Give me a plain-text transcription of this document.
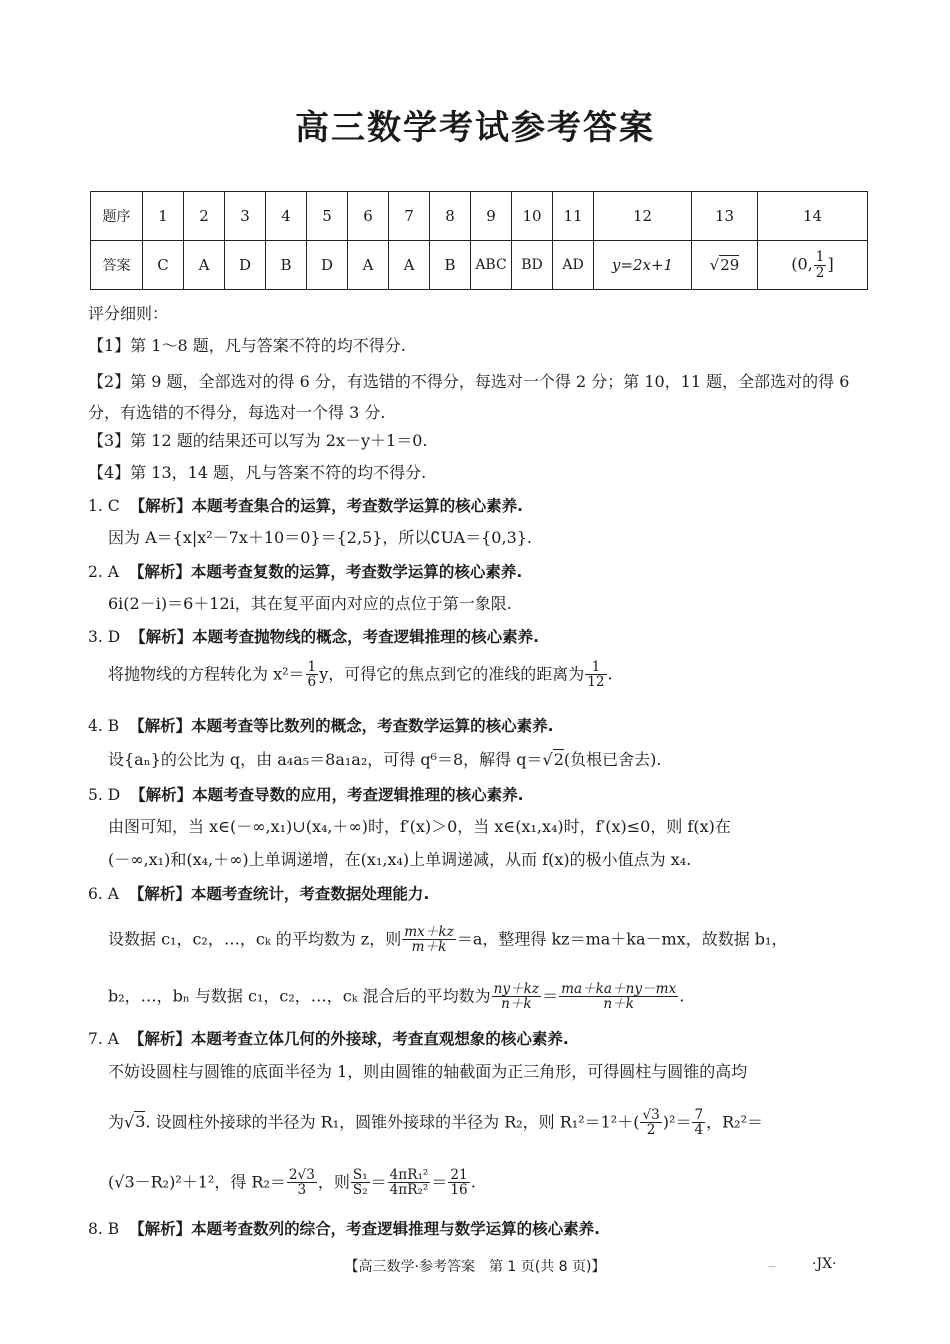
高三数学考试参考答案
题序	1	2	3	4	5	6	7	8	9	10	11	12	13	14
答案	C	A	D	B	D	A	A	B	ABC	BD	AD	y=2x+1	√29	(0, $\frac{1}{2}$ ]
评分细则：
【1】第 1～8 题，凡与答案不符的均不得分.
【2】第 9 题，全部选对的得 6 分，有选错的不得分，每选对一个得 2 分；第 10，11 题，全部选对的得 6 分，有选错的不得分，每选对一个得 3 分.
【3】第 12 题的结果还可以写为 2x－y＋1＝0.
【4】第 13，14 题，凡与答案不符的均不得分.
1. C 【解析】本题考查集合的运算，考查数学运算的核心素养.
因为 A＝{x|x²－7x＋10＝0}＝{2,5}，所以∁UA＝{0,3}.
2. A 【解析】本题考查复数的运算，考查数学运算的核心素养.
6i(2－i)＝6＋12i，其在复平面内对应的点位于第一象限.
3. D 【解析】本题考查抛物线的概念，考查逻辑推理的核心素养.
将抛物线的方程转化为 $x^2= \frac{1}{6}$ y，可得它的焦点到它的准线的距离为 $\frac{1}{12}$ .
4. B 【解析】本题考查等比数列的概念，考查数学运算的核心素养.
设{aₙ}的公比为 q，由 a₄a₅＝8a₁a₂，可得 q⁶＝8，解得 q＝√2(负根已舍去).
5. D 【解析】本题考查导数的应用，考查逻辑推理的核心素养.
由图可知，当 x∈(－∞,x₁)∪(x₄,＋∞)时，f′(x)＞0，当 x∈(x₁,x₄)时，f′(x)≤0，则 f(x)在
(－∞,x₁)和(x₄,＋∞)上单调递增，在(x₁,x₄)上单调递减，从而 f(x)的极小值点为 x₄.
6. A 【解析】本题考查统计，考查数据处理能力.
设数据 c₁，c₂，…，cₖ 的平均数为 z，则 $\frac{mx+kz}{m+k} =a$，整理得 kz＝ma＋ka－mx，故数据 b₁，
b₂，…，bₙ 与数据 c₁，c₂，…，cₖ 混合后的平均数为 $\frac{ny+kz}{n+k} = \frac{ma+ka+ny-mx}{n+k}$ .
7. A 【解析】本题考查立体几何的外接球，考查直观想象的核心素养.
不妨设圆柱与圆锥的底面半径为 1，则由圆锥的轴截面为正三角形，可得圆柱与圆锥的高均
为√3. 设圆柱外接球的半径为 R₁，圆锥外接球的半径为 R₂，则 $R_1^2=1^2+( \frac{√3}{2} )^2= \frac{7}{4}$ ，R₂²＝
(√3－R₂)²＋1²，得 $R_2= \frac{2√3}{3}$ ，则 $\frac{\text{S₁}}{\text{S₂}} = \frac{\text{4πR₁²}}{\text{4πR₂²}} = \frac{21}{16}$ .
8. B 【解析】本题考查数列的综合，考查逻辑推理与数学运算的核心素养.
【高三数学·参考答案　第 1 页(共 8 页)】	—	·JX·
